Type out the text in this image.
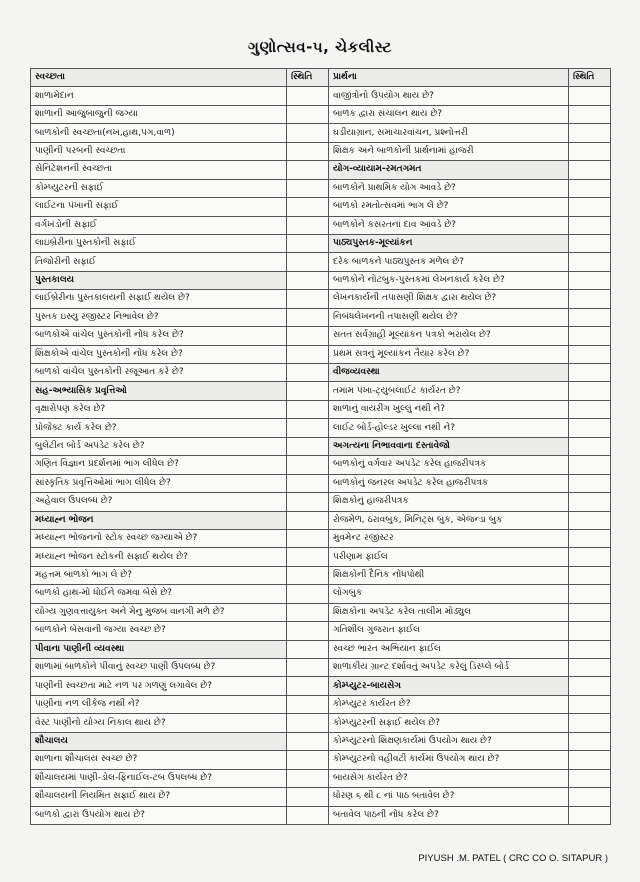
ગુણોત્સવ-૫, ચેકલીસ્ટ
સ્વચ્છતા	સ્થિતિ	પ્રાર્થના	સ્થિતિ
શાળામેદાન		વાજીંત્રોનો ઉપયોગ થાય છે?	
શાળાની આજુબાજુની જગ્યા		બાળક દ્વારા સંચાલન થાય છે?	
બાળકોની સ્વચ્છતા(નખ,હાથ,પગ,વાળ)		ઘડીયાગ્રાન, સમાચારવાંચન, પ્રશ્નોત્તરી	
પાણીની પરબની સ્વચ્છતા		શિક્ષક અને બાળકોની પ્રાર્થનામાં હાજરી	
સેનિટેશનની સ્વચ્છતા		યોગ-વ્યાયામ-રમતગમત	
કોમ્પ્યુટરની સફાઈ		બાળકોને પ્રાથમિક યોગ આવડે છે?	
લાઈટના પંખાની સફાઈ		બાળકો રમતોત્સવમાં ભાગ લે છે?	
વર્ગખંડોની સફાઈ		બાળકોને કસરતનાં દાવ આવડે છે?	
લાઇબ્રેરીના પુસ્તકોની સફાઈ		પાઠ્યપુસ્તક-મૂલ્યાંકન	
તિજોરીની સફાઈ		દરેક બાળકને પાઠ્યપુસ્તક મળેલ છે?	
પુસ્તકાલય		બાળકોને નોટબુક-પુસ્તકમાં લેખનકાર્ય કરેલ છે?	
લાઈબ્રેરીના પુસ્તકાલયની સફાઈ થયેલ છે?		લેખનકાર્યની તપાસણી શિક્ષક દ્વારા થયેલ છે?	
પુસ્તક ઇસ્યુ રજીસ્ટર નિભાવેલ છે?		નિબંધલેખનની તપાસણી થયેલ છે?	
બાળકોએ વાંચેલ પુસ્તકોની નોંધ કરેલ છે?		સતત સર્વગ્રાહી મૂલ્યાંકન પત્રકો ભરાયેલ છે?	
શિક્ષકોએ વાંચેલ પુસ્તકોની નોંધ કરેલ છે?		પ્રથમ સત્રનું મૂલ્યાંકન તૈયાર કરેલ છે?	
બાળકો વાંચેલ પુસ્તકોની રજૂઆત કરે છે?		વીજવ્યવસ્થા	
સહ-અભ્યાસિક પ્રવૃત્તિઓ		તમામ પંખા-ટ્યુબલાઈટ કાર્યરત છે?	
વૃક્ષારોપણ કરેલ છે?		શાળાનું વાયરીંગ ખુલ્લું નથી ને?	
પ્રોજેક્ટ કાર્ય કરેલ છે?		લાઈટ બોર્ડ-હોલ્ડર ખુલ્લા નથી ને?	
બુલેટીન બોર્ડ અપડેટ કરેલ છે?		અગત્યના નિભાવવાના દસ્તાવેજો	
ગણિત વિજ્ઞાન પ્રદર્શનમાં ભાગ લીધેલ છે?		બાળકોનું વર્ગવાર અપડેટ કરેલ હાજરીપત્રક	
સાંસ્કૃતિક પ્રવૃત્તિઓમાં ભાગ લીધેલ છે?		બાળકોનું જનરલ અપડેટ કરેલ હાજરીપત્રક	
અહેવાલ ઉપલબ્ધ છે?		શિક્ષકોનું હાજરીપત્રક	
મધ્યાહ્ન ભોજન		રોજમેળ, ઠરાવબુક, મિનિટ્સ બુક, એજન્ડા બુક	
મધ્યાહ્ન ભોજનનો સ્ટોક સ્વચ્છ જગ્યાએ છે?		મુવમેન્ટ રજીસ્ટર	
મધ્યાહ્ન ભોજન સ્ટોકની સફાઈ થયેલ છે?		પરીણામ ફાઈલ	
મહત્તમ બાળકો ભાગ લે છે?		શિક્ષકોની દૈનિક નોંધપોથી	
બાળકો હાથ-મો ધોઈને જમવા બેસે છે?		લોગબુક	
યોગ્ય ગુણવત્તાયુક્ત અને મેનુ મુજબ વાનગી મળે છે?		શિક્ષકોના અપડેટ કરેલ તાલીમ મોડ્યુલ	
બાળકોને બેસવાની જગ્યા સ્વચ્છ છે?		ગતિશીલ ગુજરાત ફાઈલ	
પીવાના પાણીની વ્યવસ્થા		સ્વચ્છ ભારત અભિયાન ફાઈલ	
શાળામાં બાળકોને પીવાનું સ્વચ્છ પાણી ઉપલબ્ધ છે?		શાળાકીય ગ્રાન્ટ દર્શાવતું અપડેટ કરેલું ડિસ્પ્લે બોર્ડ	
પાણીની સ્વચ્છતા માટે નળ પર ગળણું લગાવેલ છે?		કોમ્પ્યુટર-બાયસેગ	
પાણીનાં નળ લીકેજ નથી ને?		કોમ્પ્યુટર કાર્યરત છે?	
વેસ્ટ પાણીનો યોગ્ય નિકાલ થાય છે?		કોમ્પ્યુટરની સફાઈ થયેલ છે?	
શૌચાલય		કોમ્પ્યુટરનો શિક્ષણકાર્યમાં ઉપયોગ થાય છે?	
શાળાના શૌચાલય સ્વચ્છ છે?		કોમ્પ્યુટરનો વહીવટી કાર્યમાં ઉપયોગ થાય છે?	
શૌચાલયમાં પાણી-ડોલ-ફિનાઈલ-ટબ ઉપલબ્ધ છે?		બાયસેગ કાર્યરત છે?	
શૌચાલયની નિયમિત સફાઈ થાય છે?		ધોરણ ૬ થી ૮ નાં પાઠ બતાવેલ છે?	
બાળકો દ્વારા ઉપયોગ થાય છે?		બતાવેલ પાઠની નોંધ કરેલ છે?	
PIYUSH .M. PATEL ( CRC CO O. SITAPUR )
